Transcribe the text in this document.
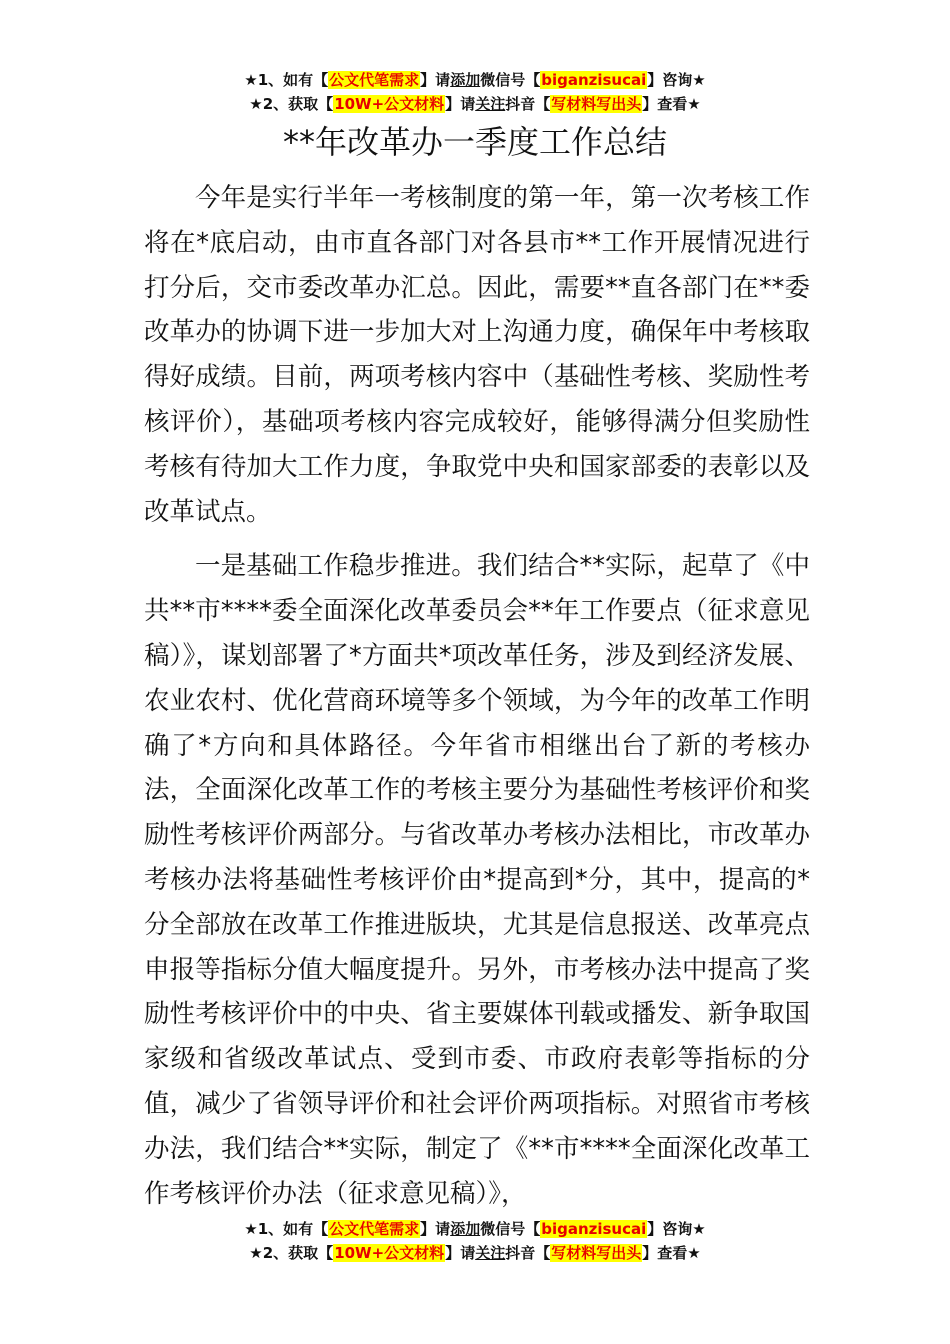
★1、如有【公文代笔需求】请添加微信号【biganzisucai】咨询★
★2、获取【10W+公文材料】请关注抖音【写材料写出头】查看★
**年改革办一季度工作总结

今年是实行半年一考核制度的第一年，第一次考核工作将在*底启动，由市直各部门对各县市**工作开展情况进行打分后，交市委改革办汇总。因此，需要**直各部门在**委改革办的协调下进一步加大对上沟通力度，确保年中考核取得好成绩。目前，两项考核内容中（基础性考核、奖励性考核评价），基础项考核内容完成较好，能够得满分但奖励性考核有待加大工作力度，争取党中央和国家部委的表彰以及改革试点。

一是基础工作稳步推进。我们结合**实际，起草了《中共**市****委全面深化改革委员会**年工作要点（征求意见稿）》，谋划部署了*方面共*项改革任务，涉及到经济发展、农业农村、优化营商环境等多个领域，为今年的改革工作明确了*方向和具体路径。今年省市相继出台了新的考核办法，全面深化改革工作的考核主要分为基础性考核评价和奖励性考核评价两部分。与省改革办考核办法相比，市改革办考核办法将基础性考核评价由*提高到*分，其中，提高的*分全部放在改革工作推进版块，尤其是信息报送、改革亮点申报等指标分值大幅度提升。另外，市考核办法中提高了奖励性考核评价中的中央、省主要媒体刊载或播发、新争取国家级和省级改革试点、受到市委、市政府表彰等指标的分值，减少了省领导评价和社会评价两项指标。对照省市考核办法，我们结合**实际，制定了《**市****全面深化改革工作考核评价办法（征求意见稿）》，

★1、如有【公文代笔需求】请添加微信号【biganzisucai】咨询★
★2、获取【10W+公文材料】请关注抖音【写材料写出头】查看★
